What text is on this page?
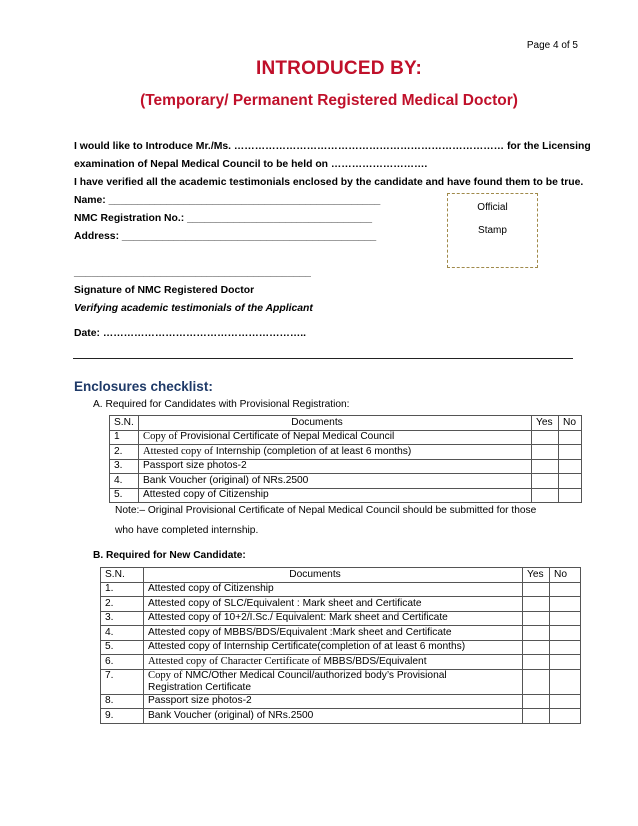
Page 4 of 5
INTRODUCED BY:
(Temporary/ Permanent Registered Medical Doctor)
I would like to Introduce Mr./Ms. …………………………………………………………………… for the Licensing
examination of Nepal Medical Council to be held on ……………………….
I have verified all the academic testimonials enclosed by the candidate and have found them to be true.
Name: _______________________________________________
NMC Registration No.: ________________________________
Address: ____________________________________________
Official
Stamp
_________________________________________
Signature of NMC Registered Doctor
Verifying academic testimonials of the Applicant
Date: …………………………………………………..
Enclosures checklist:
A. Required for Candidates with Provisional Registration:
S.N.	Documents	Yes	No
1	Copy of Provisional Certificate of Nepal Medical Council		
2.	Attested copy of Internship (completion of at least 6 months)		
3.	Passport size photos-2		
4.	Bank Voucher (original) of NRs.2500		
5.	Attested copy of Citizenship		
Note:– Original Provisional Certificate of Nepal Medical Council should be submitted for those
who have completed internship.
B. Required for New Candidate:
S.N.	Documents	Yes	No
1.	Attested copy of Citizenship		
2.	Attested copy of SLC/Equivalent : Mark sheet and Certificate		
3.	Attested copy of 10+2/I.Sc./ Equivalent: Mark sheet and Certificate		
4.	Attested copy of MBBS/BDS/Equivalent :Mark sheet and Certificate		
5.	Attested copy of Internship Certificate(completion of at least 6 months)		
6.	Attested copy of Character Certificate of MBBS/BDS/Equivalent		
7.	Copy of NMC/Other Medical Council/authorized body’s Provisional
Registration Certificate		
8.	Passport size photos-2		
9.	Bank Voucher (original) of NRs.2500		
